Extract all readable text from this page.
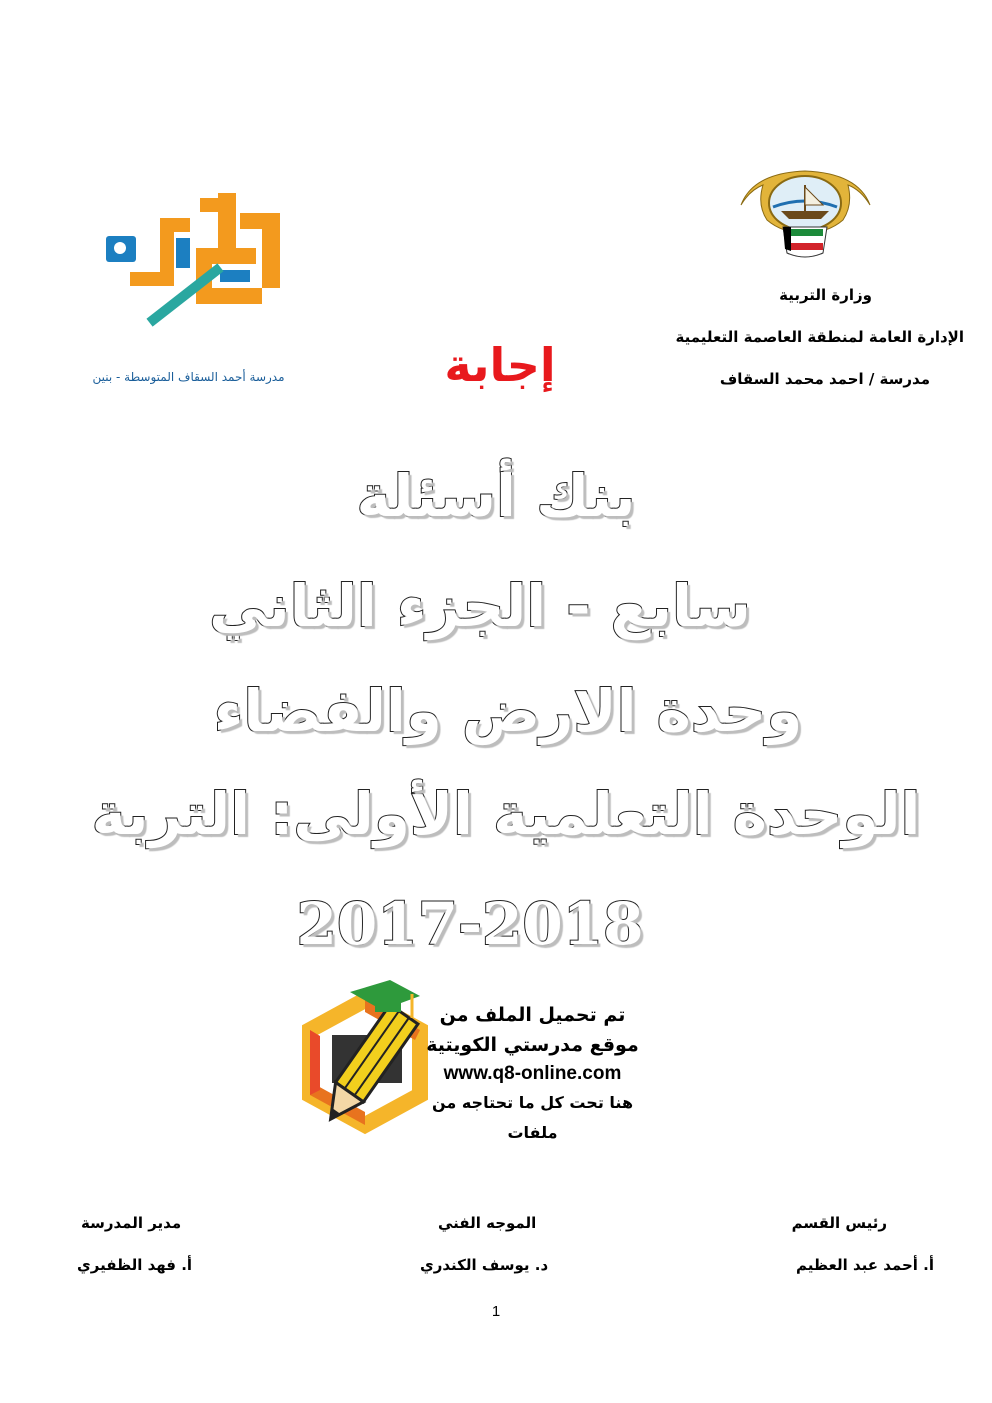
وزارة التربية
الإدارة العامة لمنطقة العاصمة التعليمية
مدرسة / احمد محمد السقاف
مدرسة أحمد السقاف المتوسطة - بنين	إجابة
بنك أسئلة
سابع - الجزء الثاني
وحدة الارض والفضاء
الوحدة التعلمية الأولى: التربة
2017-2018
تم تحميل الملف من
موقع مدرستي الكويتية
www.q8-online.com
هنا تحت كل ما تحتاجه من ملفات
رئيس القسم
أ. أحمد عبد العظيم
الموجه الفني
د. يوسف الكندري
مدير المدرسة
أ. فهد الظفيري
1
